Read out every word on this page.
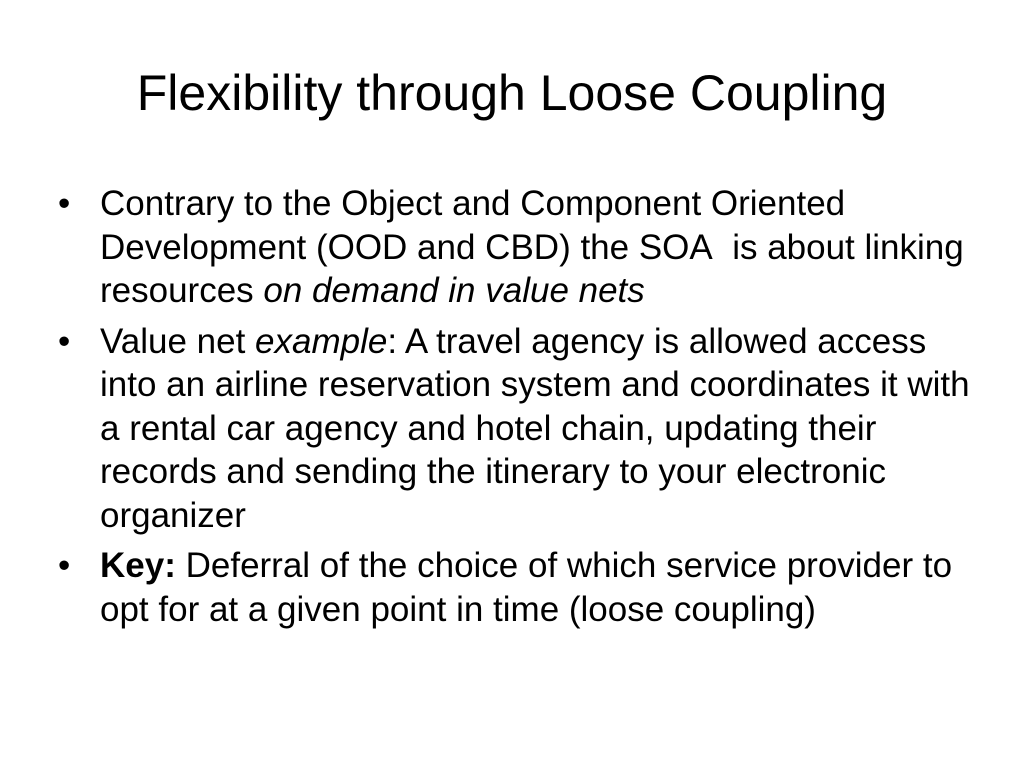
Flexibility through Loose Coupling
• Contrary to the Object and Component Oriented Development (OOD and CBD) the SOA  is about linking resources on demand in value nets
• Value net example: A travel agency is allowed access into an airline reservation system and coordinates it with a rental car agency and hotel chain, updating their records and sending the itinerary to your electronic organizer
• Key: Deferral of the choice of which service provider to opt for at a given point in time (loose coupling)
